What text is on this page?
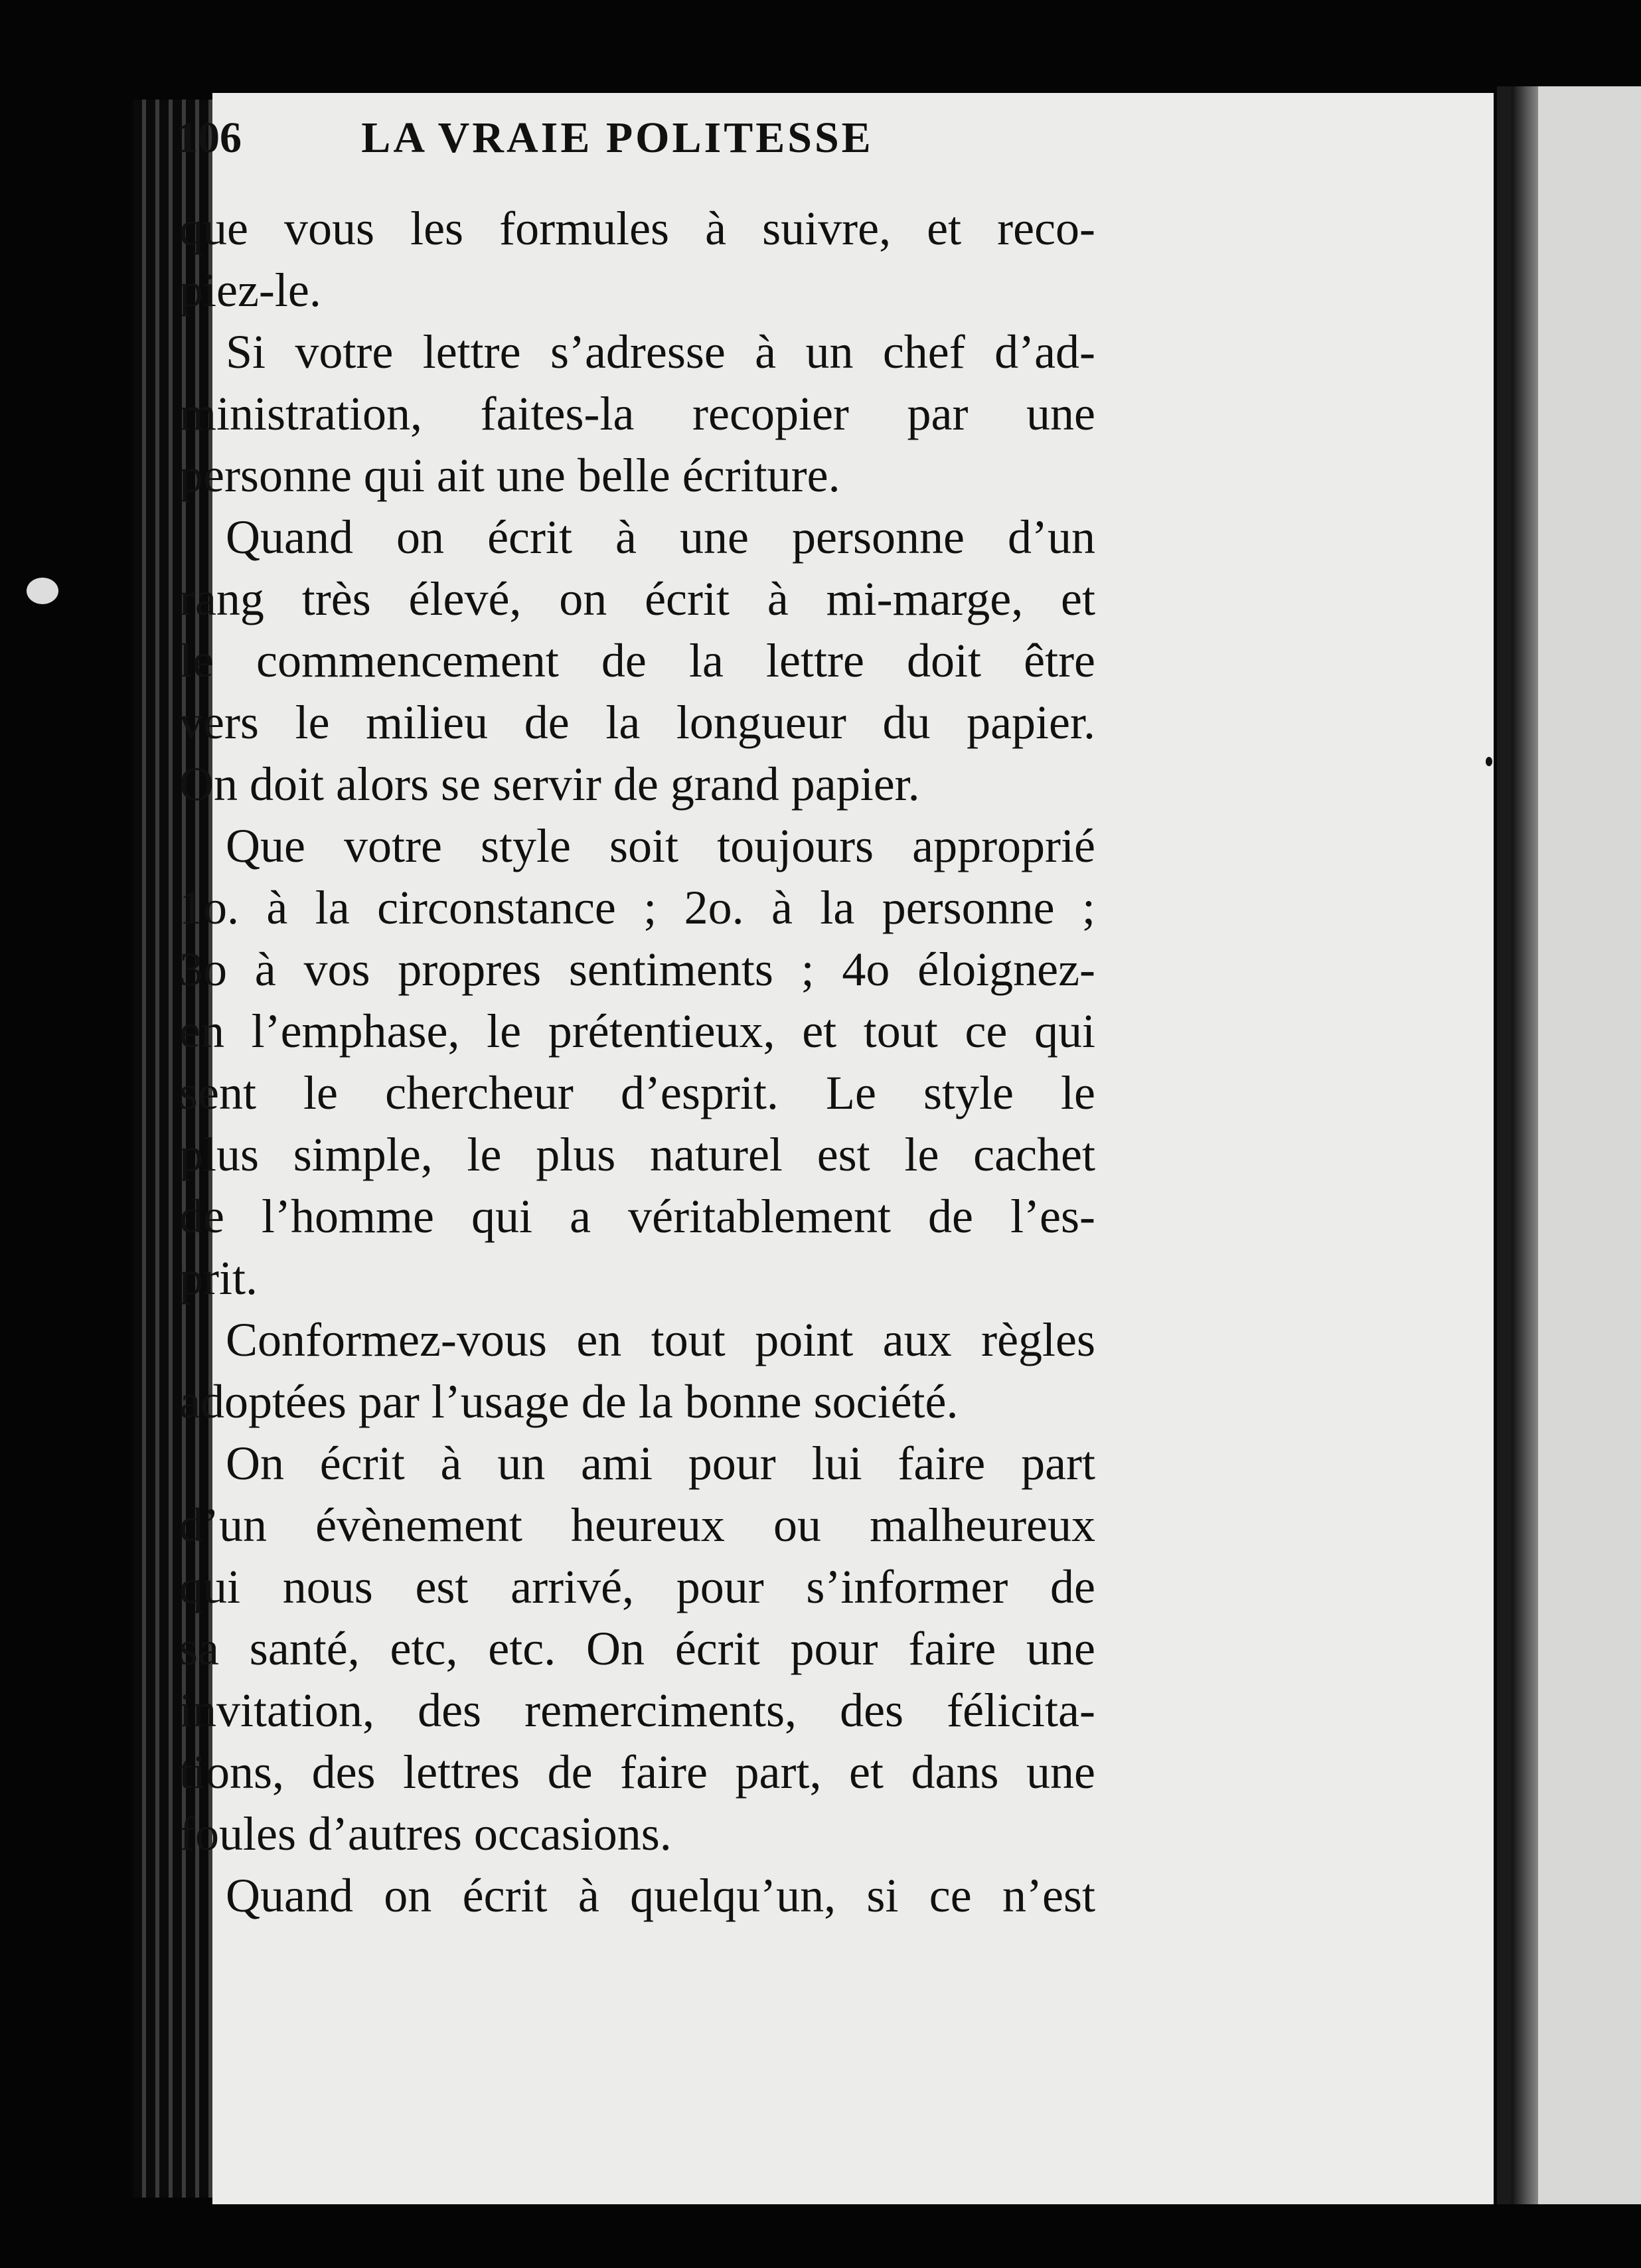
106	LA VRAIE POLITESSE
que vous les formules à suivre, et reco-
piez-le.
Si votre lettre s’adresse à un chef d’ad-
ministration, faites-la recopier par une
personne qui ait une belle écriture.
Quand on écrit à une personne d’un
rang très élevé, on écrit à mi-marge, et
le commencement de la lettre doit être
vers le milieu de la longueur du papier.
On doit alors se servir de grand papier.
Que votre style soit toujours approprié
1o. à la circonstance ; 2o. à la personne ;
3o à vos propres sentiments ; 4o éloignez-
en l’emphase, le prétentieux, et tout ce qui
sent le chercheur d’esprit. Le style le
plus simple, le plus naturel est le cachet
de l’homme qui a véritablement de l’es-
prit.
Conformez-vous en tout point aux règles
adoptées par l’usage de la bonne société.
On écrit à un ami pour lui faire part
d’un évènement heureux ou malheureux
qui nous est arrivé, pour s’informer de
sa santé, etc, etc. On écrit pour faire une
invitation, des remerciments, des félicita-
tions, des lettres de faire part, et dans une
foules d’autres occasions.
Quand on écrit à quelqu’un, si ce n’est
